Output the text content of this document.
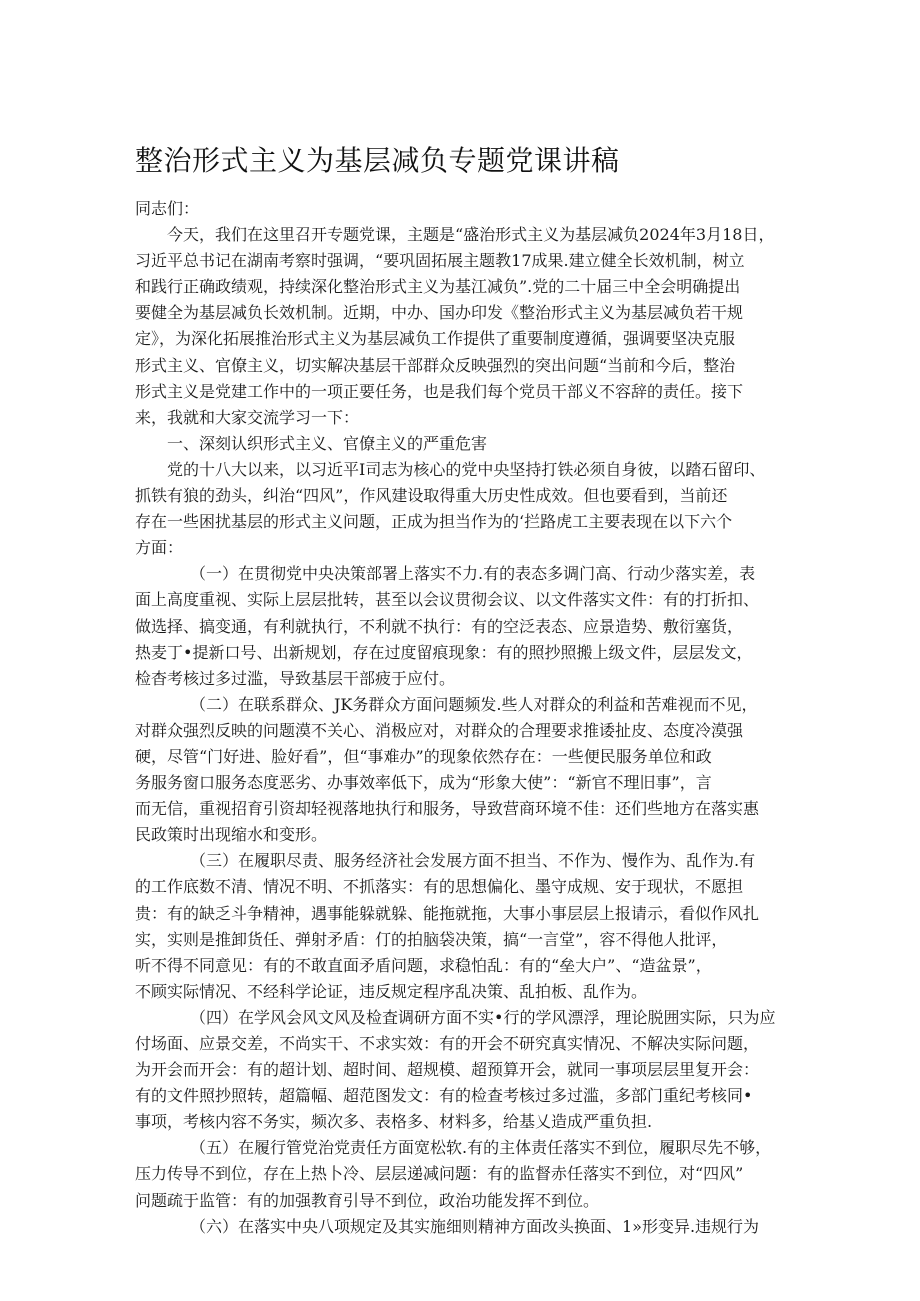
整治形式主义为基层减负专题党课讲稿
同志们：
今天，我们在这里召开专题党课，主题是“盛治形式主义为基层减负2024年3月18日，
习近平总书记在湖南考察时强调，“要巩固拓展主题教17成果.建立健全长效机制，树立
和践行正确政绩观，持续深化整治形式主义为基江减负”.党的二十届三中全会明确提出
要健全为基层减负长效机制。近期，中办、国办印发《整治形式主义为基层减负若干规
定》，为深化拓展推治形式主义为基层减负工作提供了重要制度遵循，强调要坚决克服
形式主义、官僚主义，切实解决基层干部群众反映强烈的突出问题“当前和今后，整治
形式主义是党建工作中的一项正要任务，也是我们每个党员干部义不容辞的责任。接下
来，我就和大家交流学习一下：
一、深刻认织形式主义、官僚主义的严重危害
党的十八大以来，以习近平I司志为核心的党中央坚持打铁必须自身彼，以踏石留印、
抓铁有狼的劲头，纠治“四风”，作风建设取得重大历史性成效。但也要看到，当前还
存在一些困扰基层的形式主义问题，正成为担当作为的‘拦路虎工主要表现在以下六个
方面：
（一）在贯彻党中央决策部署上落实不力.有的表态多调门高、行动少落实差，表
面上高度重视、实际上层层批转，甚至以会议贯彻会议、以文件落实文件：有的打折扣、
做选择、搞变通，有利就执行，不利就不执行：有的空泛表态、应景造势、敷衍塞货，
热麦丁•提新口号、出新规划，存在过度留痕现象：有的照抄照搬上级文件，层层发文，
检杳考核过多过滥，导致基层干部疲于应付。
（二）在联系群众、JK务群众方面问题频发.些人对群众的利益和苦难视而不见，
对群众强烈反映的问题漠不关心、消极应对，对群众的合理要求推诿扯皮、态度冷漠强
硬，尽管“门好进、脸好看”，但“事难办”的现象依然存在：一些便民服务单位和政
务服务窗口服务态度恶劣、办事效率低下，成为“形象大使”：“新官不理旧事”，言
而无信，重视招育引资却轻视落地执行和服务，导致营商环境不佳：还们些地方在落实惠
民政策时出现缩水和变形。
（三）在履职尽责、服务经济社会发展方面不担当、不作为、慢作为、乱作为.有
的工作底数不清、情况不明、不抓落实：有的思想偏化、墨守成规、安于现状，不愿担
贵：有的缺乏斗争精神，遇事能躲就躲、能拖就拖，大事小事层层上报请示，看似作风扎
实，实则是推卸货任、弹射矛盾：仃的拍脑袋决策，搞“一言堂”，容不得他人批评，
听不得不同意见：有的不敢直面矛盾问题，求稳怕乱：有的“垒大户”、“造盆景”，
不顾实际情况、不经科学论证，违反规定程序乱决策、乱拍板、乱作为。
（四）在学风会风文风及检査调研方面不实•行的学风漂浮，理论脱囲实际，只为应
付场面、应景交差，不尚实干、不求实效：有的开会不研究真实情况、不解决实际问题，
为开会而开会：有的超计划、超时间、超规模、超预算开会，就同一事项层层里复开会：
有的文件照抄照转，超篇幅、超范图发文：有的检查考核过多过滥，多部门重纪考核同•
事项，考核内容不务实，频次多、表格多、材料多，给基乂造成严重负担.
（五）在履行管党治党责任方面宽松软.有的主体责任落实不到位，履职尽先不够，
压力传导不到位，存在上热卜冷、层层递减问题：有的监督赤任落实不到位，对“四风”
问题疏于监管：有的加强教育引导不到位，政治功能发挥不到位。
（六）在落实中央八项规定及其实施细则精神方面改头换面、1»形变异.违规行为
